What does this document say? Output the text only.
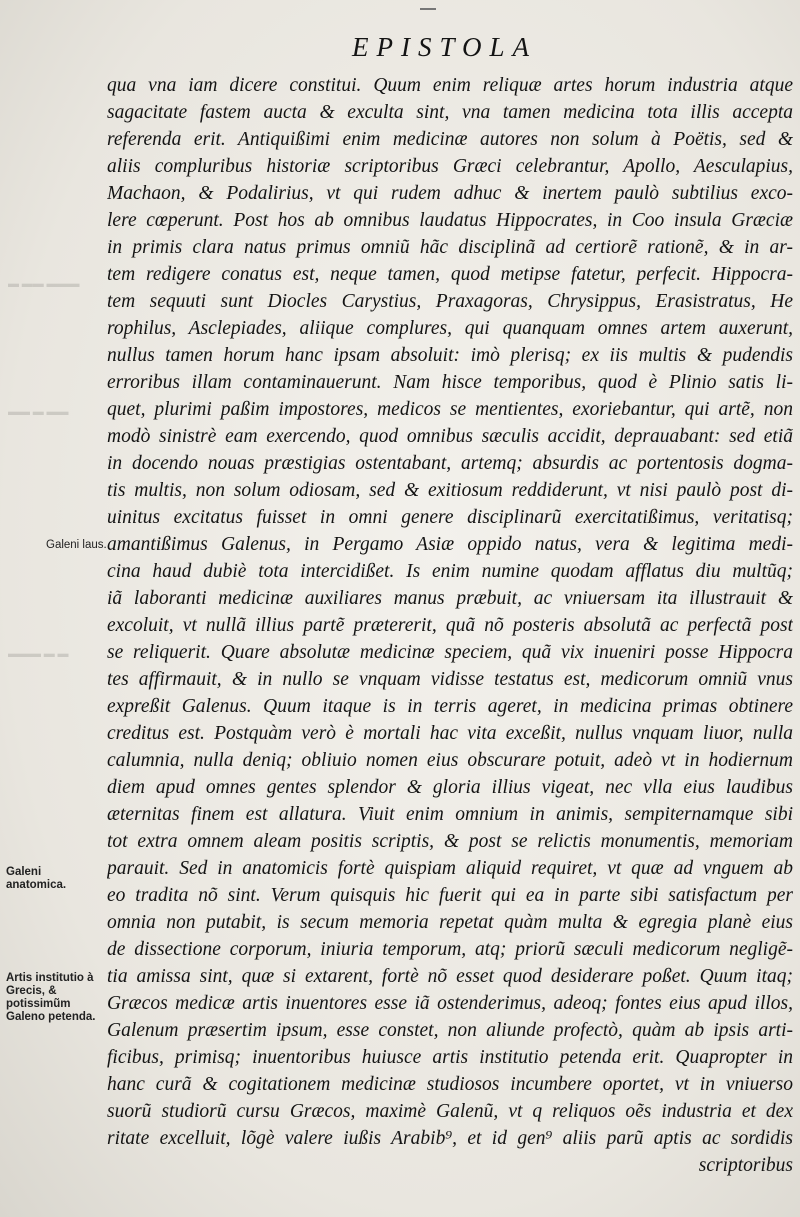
EPISTOLA
▬ ▬▬ ▬▬▬
▬▬ ▬ ▬▬
▬▬▬ ▬ ▬
Galeni laus.
Galeni anatomica.
Artis institutio à Grecis, & potissimũm Galeno petenda.
qua vna iam dicere constitui. Quum enim reliquæ artes horum industria atque
sagacitate fastem aucta & exculta sint, vna tamen medicina tota illis accepta
referenda erit. Antiquißimi enim medicinæ autores non solum à Poëtis, sed &
aliis compluribus historiæ scriptoribus Græci celebrantur, Apollo, Aesculapius,
Machaon, & Podalirius, vt qui rudem adhuc & inertem paulò subtilius exco-
lere cœperunt. Post hos ab omnibus laudatus Hippocrates, in Coo insula Græciæ
in primis clara natus primus omniũ hãc disciplinã ad certiorẽ rationẽ, & in ar-
tem redigere conatus est, neque tamen, quod metipse fatetur, perfecit. Hippocra-
tem sequuti sunt Diocles Carystius, Praxagoras, Chrysippus, Erasistratus, He
rophilus, Asclepiades, aliique complures, qui quanquam omnes artem auxerunt,
nullus tamen horum hanc ipsam absoluit: imò plerisq; ex iis multis & pudendis
erroribus illam contaminauerunt. Nam hisce temporibus, quod è Plinio satis li-
quet, plurimi paßim impostores, medicos se mentientes, exoriebantur, qui artẽ, non
modò sinistrè eam exercendo, quod omnibus sæculis accidit, deprauabant: sed etiã
in docendo nouas præstigias ostentabant, artemq; absurdis ac portentosis dogma-
tis multis, non solum odiosam, sed & exitiosum reddiderunt, vt nisi paulò post di-
uinitus excitatus fuisset in omni genere disciplinarũ exercitatißimus, veritatisq;
amantißimus Galenus, in Pergamo Asiæ oppido natus, vera & legitima medi-
cina haud dubiè tota intercidißet. Is enim numine quodam afflatus diu multũq;
iã laboranti medicinæ auxiliares manus præbuit, ac vniuersam ita illustrauit &
excoluit, vt nullã illius partẽ prætererit, quã nõ posteris absolutã ac perfectã post
se reliquerit. Quare absolutæ medicinæ speciem, quã vix inueniri posse Hippocra
tes affirmauit, & in nullo se vnquam vidisse testatus est, medicorum omniũ vnus
expreßit Galenus. Quum itaque is in terris ageret, in medicina primas obtinere
creditus est. Postquàm verò è mortali hac vita exceßit, nullus vnquam liuor, nulla
calumnia, nulla deniq; obliuio nomen eius obscurare potuit, adeò vt in hodiernum
diem apud omnes gentes splendor & gloria illius vigeat, nec vlla eius laudibus
æternitas finem est allatura. Viuit enim omnium in animis, sempiternamque sibi
tot extra omnem aleam positis scriptis, & post se relictis monumentis, memoriam
parauit. Sed in anatomicis fortè quispiam aliquid requiret, vt quæ ad vnguem ab
eo tradita nõ sint. Verum quisquis hic fuerit qui ea in parte sibi satisfactum per
omnia non putabit, is secum memoria repetat quàm multa & egregia planè eius
de dissectione corporum, iniuria temporum, atq; priorũ sæculi medicorum negligẽ-
tia amissa sint, quæ si extarent, fortè nõ esset quod desiderare poßet. Quum itaq;
Græcos medicæ artis inuentores esse iã ostenderimus, adeoq; fontes eius apud illos,
Galenum præsertim ipsum, esse constet, non aliunde profectò, quàm ab ipsis arti-
ficibus, primisq; inuentoribus huiusce artis institutio petenda erit. Quapropter in
hanc curã & cogitationem medicinæ studiosos incumbere oportet, vt in vniuerso
suorũ studiorũ cursu Græcos, maximè Galenũ, vt q reliquos oẽs industria et dex
ritate excelluit, lõgè valere iußis Arabib⁹, et id gen⁹ aliis parũ aptis ac sordidis
scriptoribus
